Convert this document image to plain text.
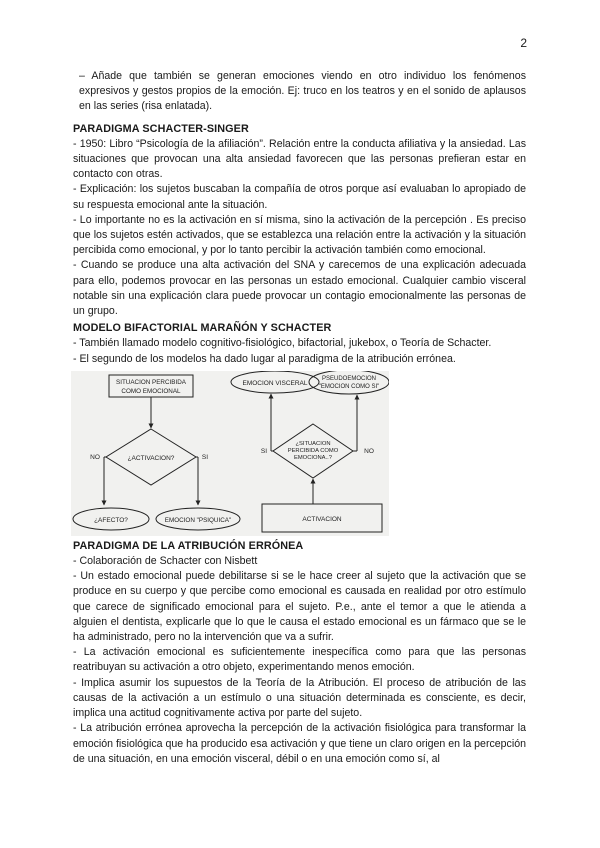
2

– Añade que también se generan emociones viendo en otro individuo los fenómenos expresivos y gestos propios de la emoción. Ej: truco en los teatros y en el sonido de aplausos en las series (risa enlatada).

PARADIGMA SCHACTER-SINGER

- 1950: Libro “Psicología de la afiliación”. Relación entre la conducta afiliativa y la ansiedad. Las situaciones que provocan una alta ansiedad favorecen que las personas prefieran estar en contacto con otras.

- Explicación: los sujetos buscaban la compañía de otros porque así evaluaban lo apropiado de su respuesta emocional ante la situación.

- Lo importante no es la activación en sí misma, sino la activación de la percepción . Es preciso que los sujetos estén activados, que se establezca una relación entre la activación y la situación percibida como emocional, y por lo tanto percibir la activación también como emocional.

- Cuando se produce una alta activación del SNA y carecemos de una explicación adecuada para ello, podemos provocar en las personas un estado emocional. Cualquier cambio visceral notable sin una explicación clara puede provocar un contagio emocionalmente las personas de un grupo.

MODELO BIFACTORIAL MARAÑÓN Y SCHACTER

- También llamado modelo cognitivo-fisiológico, bifactorial, jukebox, o Teoría de Schacter.

- El segundo de los modelos ha dado lugar al paradigma de la atribución errónea.

SITUACION PERCIBIDA
COMO EMOCIONAL
¿ACTIVACION?
NO	SI
¿AFECTO?	EMOCION "PSIQUICA"
EMOCION VISCERAL
PSEUDOEMOCION
"EMOCION COMO SI"
¿SITUACION
PERCIBIDA COMO
EMOCIONA..?
SI	NO
ACTIVACION
PARADIGMA DE LA ATRIBUCIÓN ERRÓNEA

- Colaboración de Schacter con Nisbett

- Un estado emocional puede debilitarse si se le hace creer al sujeto que la activación que se produce en su cuerpo y que percibe como emocional es causada en realidad por otro estímulo que carece de significado emocional para el sujeto. P.e., ante el temor a que le atienda a alguien el dentista, explicarle que lo que le causa el estado emocional es un fármaco que se le ha administrado, pero no la intervención que va a sufrir.

- La activación emocional es suficientemente inespecífica como para que las personas reatribuyan su activación a otro objeto, experimentando menos emoción.

- Implica asumir los supuestos de la Teoría de la Atribución. El proceso de atribución de las causas de la activación a un estímulo o una situación determinada es consciente, es decir, implica una actitud cognitivamente activa por parte del sujeto.

- La atribución errónea aprovecha la percepción de la activación fisiológica para transformar la emoción fisiológica que ha producido esa activación y que tiene un claro origen en la percepción de una situación, en una emoción visceral, débil o en una emoción como sí, al
